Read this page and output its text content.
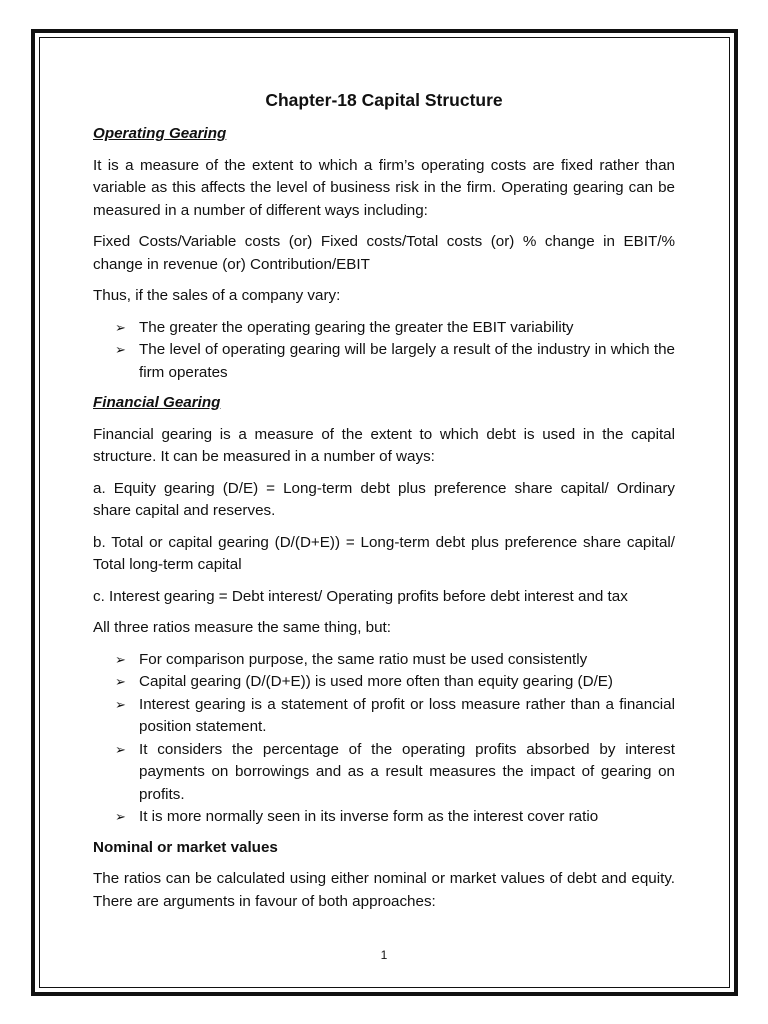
Chapter-18 Capital Structure
Operating Gearing

It is a measure of the extent to which a firm’s operating costs are fixed rather than variable as this affects the level of business risk in the firm. Operating gearing can be measured in a number of different ways including:

Fixed Costs/Variable costs (or) Fixed costs/Total costs (or) % change in EBIT/% change in revenue (or) Contribution/EBIT

Thus, if the sales of a company vary:

➢ The greater the operating gearing the greater the EBIT variability
➢ The level of operating gearing will be largely a result of the industry in which the firm operates
Financial Gearing

Financial gearing is a measure of the extent to which debt is used in the capital structure. It can be measured in a number of ways:

a. Equity gearing (D/E) = Long-term debt plus preference share capital/ Ordinary share capital and reserves.

b. Total or capital gearing (D/(D+E)) = Long-term debt plus preference share capital/ Total long-term capital

c. Interest gearing = Debt interest/ Operating profits before debt interest and tax

All three ratios measure the same thing, but:

➢ For comparison purpose, the same ratio must be used consistently
➢ Capital gearing (D/(D+E)) is used more often than equity gearing (D/E)
➢ Interest gearing is a statement of profit or loss measure rather than a financial position statement.
➢ It considers the percentage of the operating profits absorbed by interest payments on borrowings and as a result measures the impact of gearing on profits.
➢ It is more normally seen in its inverse form as the interest cover ratio
Nominal or market values

The ratios can be calculated using either nominal or market values of debt and equity. There are arguments in favour of both approaches:

1
